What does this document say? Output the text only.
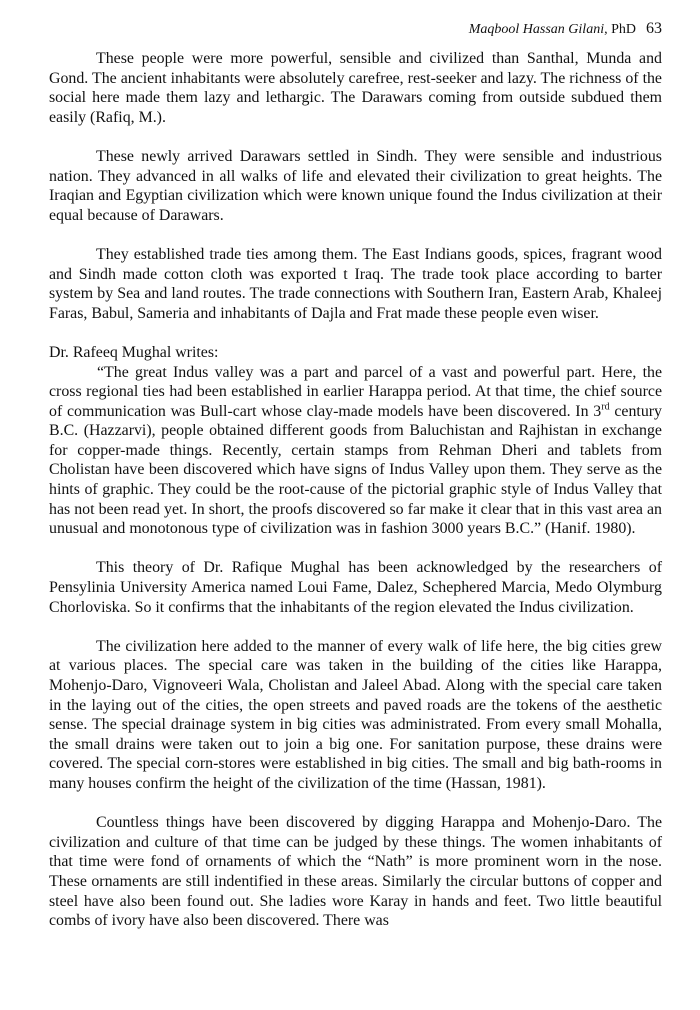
Maqbool Hassan Gilani, PhD 63

These people were more powerful, sensible and civilized than Santhal, Munda and Gond. The ancient inhabitants were absolutely carefree, rest-seeker and lazy. The richness of the social here made them lazy and lethargic. The Darawars coming from outside subdued them easily (Rafiq, M.).

These newly arrived Darawars settled in Sindh. They were sensible and industrious nation. They advanced in all walks of life and elevated their civilization to great heights. The Iraqian and Egyptian civilization which were known unique found the Indus civilization at their equal because of Darawars.

They established trade ties among them. The East Indians goods, spices, fragrant wood and Sindh made cotton cloth was exported t Iraq. The trade took place according to barter system by Sea and land routes. The trade connections with Southern Iran, Eastern Arab, Khaleej Faras, Babul, Sameria and inhabitants of Dajla and Frat made these people even wiser.

Dr. Rafeeq Mughal writes:

“The great Indus valley was a part and parcel of a vast and powerful part. Here, the cross regional ties had been established in earlier Harappa period. At that time, the chief source of communication was Bull-cart whose clay-made models have been discovered. In 3rd century B.C. (Hazzarvi), people obtained different goods from Baluchistan and Rajhistan in exchange for copper-made things. Recently, certain stamps from Rehman Dheri and tablets from Cholistan have been discovered which have signs of Indus Valley upon them. They serve as the hints of graphic. They could be the root-cause of the pictorial graphic style of Indus Valley that has not been read yet. In short, the proofs discovered so far make it clear that in this vast area an unusual and monotonous type of civilization was in fashion 3000 years B.C.” (Hanif. 1980).

This theory of Dr. Rafique Mughal has been acknowledged by the researchers of Pensylinia University America named Loui Fame, Dalez, Schephered Marcia, Medo Olymburg Chorloviska. So it confirms that the inhabitants of the region elevated the Indus civilization.

The civilization here added to the manner of every walk of life here, the big cities grew at various places. The special care was taken in the building of the cities like Harappa, Mohenjo-Daro, Vignoveeri Wala, Cholistan and Jaleel Abad. Along with the special care taken in the laying out of the cities, the open streets and paved roads are the tokens of the aesthetic sense. The special drainage system in big cities was administrated. From every small Mohalla, the small drains were taken out to join a big one. For sanitation purpose, these drains were covered. The special corn-stores were established in big cities. The small and big bath-rooms in many houses confirm the height of the civilization of the time (Hassan, 1981).

Countless things have been discovered by digging Harappa and Mohenjo-Daro. The civilization and culture of that time can be judged by these things. The women inhabitants of that time were fond of ornaments of which the “Nath” is more prominent worn in the nose. These ornaments are still indentified in these areas. Similarly the circular buttons of copper and steel have also been found out. She ladies wore Karay in hands and feet. Two little beautiful combs of ivory have also been discovered. There was
